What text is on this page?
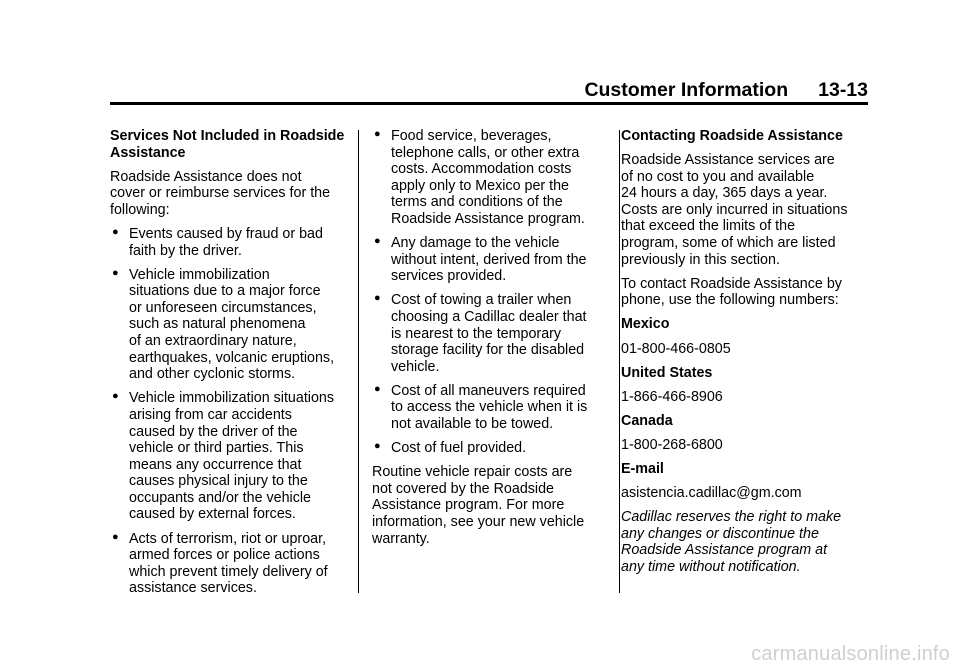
Customer Information 13-13

Services Not Included in Roadside
Assistance

Roadside Assistance does not
cover or reimburse services for the
following:

● Events caused by fraud or bad
faith by the driver.
● Vehicle immobilization
situations due to a major force
or unforeseen circumstances,
such as natural phenomena
of an extraordinary nature,
earthquakes, volcanic eruptions,
and other cyclonic storms.
● Vehicle immobilization situations
arising from car accidents
caused by the driver of the
vehicle or third parties. This
means any occurrence that
causes physical injury to the
occupants and/or the vehicle
caused by external forces.
● Acts of terrorism, riot or uproar,
armed forces or police actions
which prevent timely delivery of
assistance services.
● Food service, beverages,
telephone calls, or other extra
costs. Accommodation costs
apply only to Mexico per the
terms and conditions of the
Roadside Assistance program.
● Any damage to the vehicle
without intent, derived from the
services provided.
● Cost of towing a trailer when
choosing a Cadillac dealer that
is nearest to the temporary
storage facility for the disabled
vehicle.
● Cost of all maneuvers required
to access the vehicle when it is
not available to be towed.
● Cost of fuel provided.

Routine vehicle repair costs are
not covered by the Roadside
Assistance program. For more
information, see your new vehicle
warranty.

Contacting Roadside Assistance

Roadside Assistance services are
of no cost to you and available
24 hours a day, 365 days a year.
Costs are only incurred in situations
that exceed the limits of the
program, some of which are listed
previously in this section.

To contact Roadside Assistance by
phone, use the following numbers:

Mexico

01-800-466-0805

United States

1-866-466-8906

Canada

1-800-268-6800

E-mail

asistencia.cadillac@gm.com

Cadillac reserves the right to make
any changes or discontinue the
Roadside Assistance program at
any time without notification.

carmanualsonline.info
